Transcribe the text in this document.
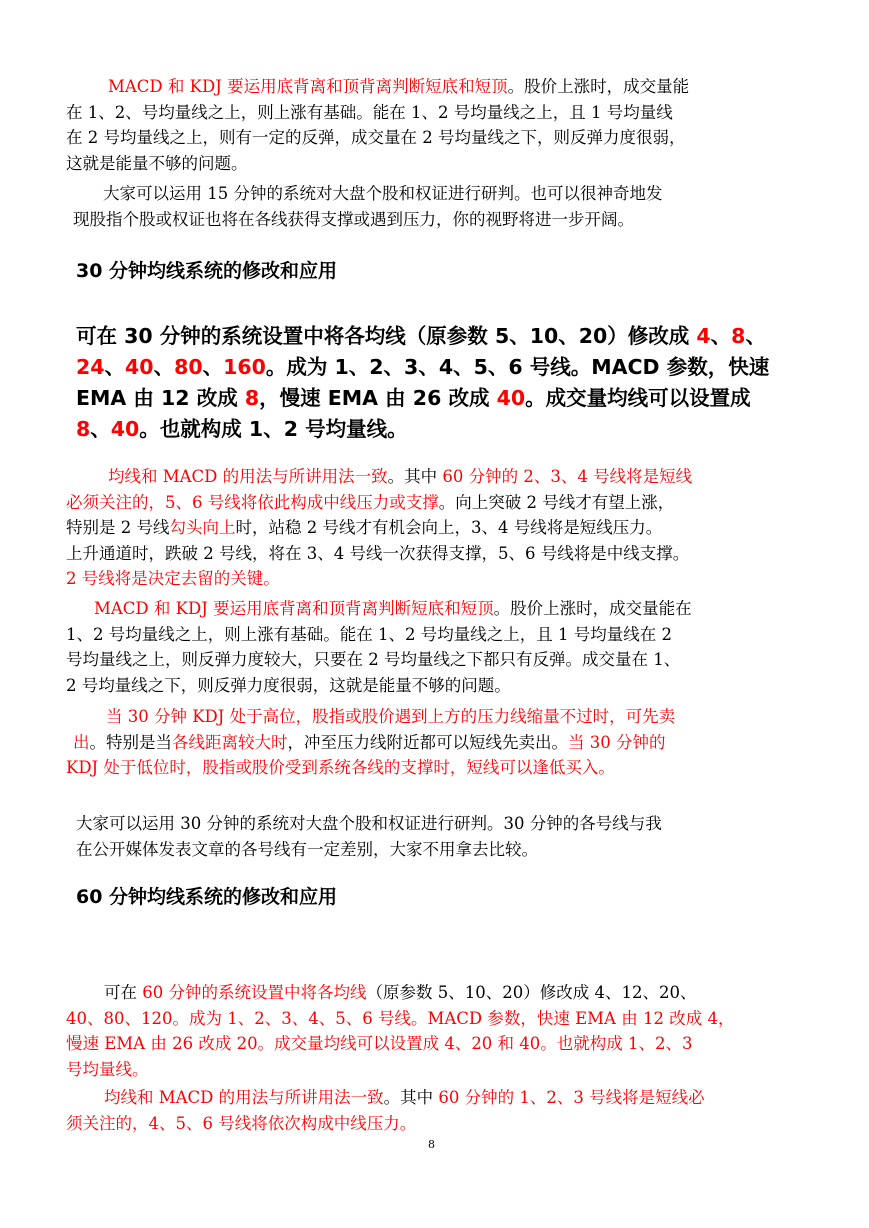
MACD 和 KDJ 要运用底背离和顶背离判断短底和短顶。股价上涨时，成交量能
在 1、2、号均量线之上，则上涨有基础。能在 1、2 号均量线之上，且 1 号均量线
在 2 号均量线之上，则有一定的反弹，成交量在 2 号均量线之下，则反弹力度很弱，
这就是能量不够的问题。
大家可以运用 15 分钟的系统对大盘个股和权证进行研判。也可以很神奇地发
现股指个股或权证也将在各线获得支撑或遇到压力，你的视野将进一步开阔。
30 分钟均线系统的修改和应用
可在 30 分钟的系统设置中将各均线（原参数 5、10、20）修改成 4、8、
24、40、80、160。成为 1、2、3、4、5、6 号线。MACD 参数，快速
EMA 由 12 改成 8，慢速 EMA 由 26 改成 40。成交量均线可以设置成
8、40。也就构成 1、2 号均量线。
均线和 MACD 的用法与所讲用法一致。其中 60 分钟的 2、3、4 号线将是短线
必须关注的，5、6 号线将依此构成中线压力或支撑。向上突破 2 号线才有望上涨，
特别是 2 号线勾头向上时，站稳 2 号线才有机会向上，3、4 号线将是短线压力。
上升通道时，跌破 2 号线，将在 3、4 号线一次获得支撑，5、6 号线将是中线支撑。
2 号线将是决定去留的关键。
MACD 和 KDJ 要运用底背离和顶背离判断短底和短顶。股价上涨时，成交量能在
1、2 号均量线之上，则上涨有基础。能在 1、2 号均量线之上，且 1 号均量线在 2
号均量线之上，则反弹力度较大，只要在 2 号均量线之下都只有反弹。成交量在 1、
2 号均量线之下，则反弹力度很弱，这就是能量不够的问题。
当 30 分钟 KDJ 处于高位，股指或股价遇到上方的压力线缩量不过时，可先卖
出。特别是当各线距离较大时，冲至压力线附近都可以短线先卖出。当 30 分钟的
KDJ 处于低位时，股指或股价受到系统各线的支撑时，短线可以逢低买入。
大家可以运用 30 分钟的系统对大盘个股和权证进行研判。30 分钟的各号线与我
在公开媒体发表文章的各号线有一定差别，大家不用拿去比较。
60 分钟均线系统的修改和应用
可在 60 分钟的系统设置中将各均线（原参数 5、10、20）修改成 4、12、20、
40、80、120。成为 1、2、3、4、5、6 号线。MACD 参数，快速 EMA 由 12 改成 4，
慢速 EMA 由 26 改成 20。成交量均线可以设置成 4、20 和 40。也就构成 1、2、3
号均量线。
均线和 MACD 的用法与所讲用法一致。其中 60 分钟的 1、2、3 号线将是短线必
须关注的，4、5、6 号线将依次构成中线压力。
8
